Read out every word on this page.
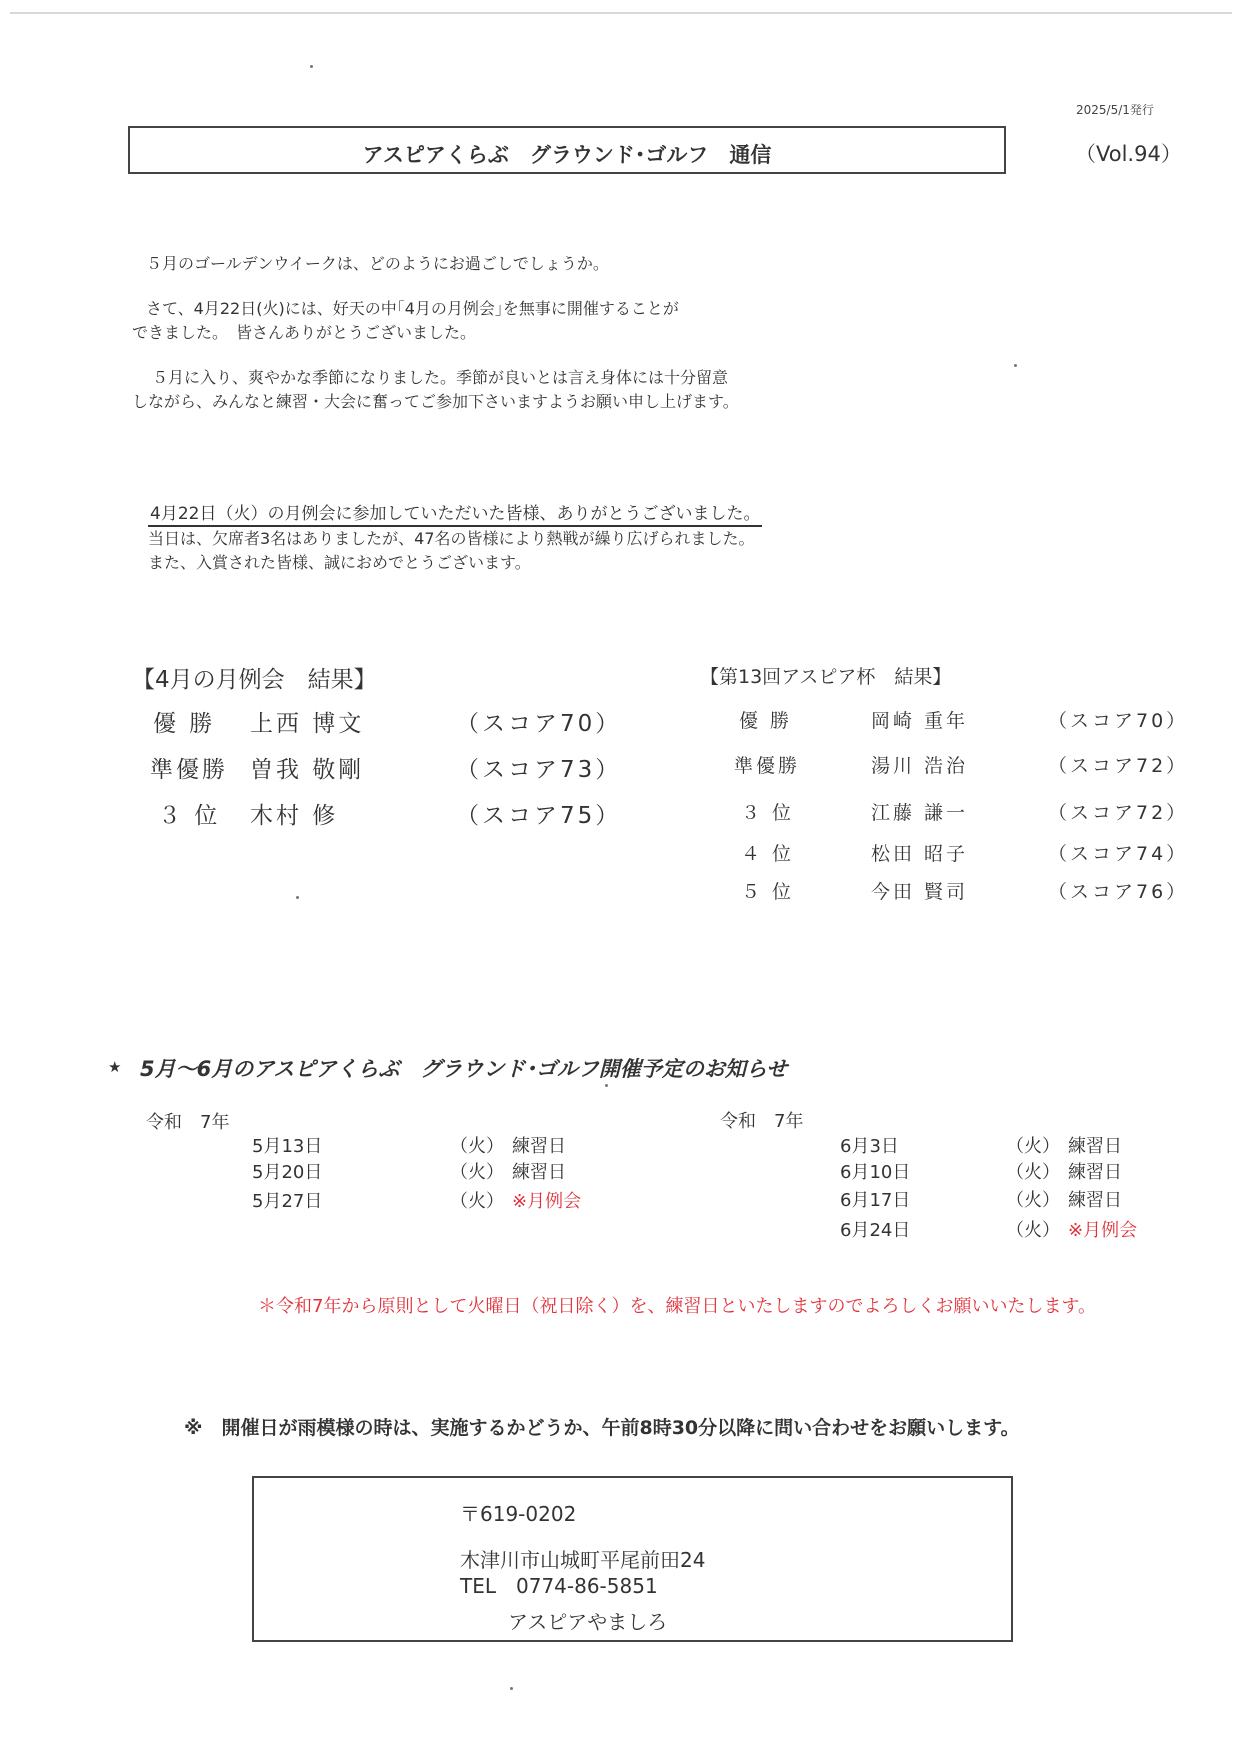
2025/5/1発行
アスピアくらぶ　グラウンド･ゴルフ　通信	（Vol.94）
５月のゴールデンウイークは、どのようにお過ごしでしょうか。
さて、4月22日(火)には、好天の中｢4月の月例会｣を無事に開催することが
できました。　皆さんありがとうございました。
５月に入り、爽やかな季節になりました。季節が良いとは言え身体には十分留意
しながら、みんなと練習・大会に奮ってご参加下さいますようお願い申し上げます。
4月22日（火）の月例会に参加していただいた皆様、ありがとうございました。
当日は、欠席者3名はありましたが、47名の皆様により熱戦が繰り広げられました。
また、入賞された皆様、誠におめでとうございます。
【4月の月例会　結果】
優 勝 上西 博文	（スコア70）
準優勝 曽我 敬剛	（スコア73）
３ 位 木村 修	（スコア75）
【第13回アスピア杯　結果】
優 勝	岡崎 重年	（スコア70）
準優勝	湯川 浩治	（スコア72）
３ 位	江藤 謙一	（スコア72）
４ 位	松田 昭子	（スコア74）
５ 位	今田 賢司	（スコア76）
★ 5月～6月のアスピアくらぶ　グラウンド･ゴルフ開催予定のお知らせ
令和　7年
5月13日	（火） 練習日
5月20日	（火） 練習日
5月27日	（火） ※月例会
令和　7年
6月3日	（火） 練習日
6月10日	（火） 練習日
6月17日	（火） 練習日
6月24日	（火） ※月例会
＊令和7年から原則として火曜日（祝日除く）を、練習日といたしますのでよろしくお願いいたします。
※　開催日が雨模様の時は、実施するかどうか、午前8時30分以降に問い合わせをお願いします。
〒619-0202
木津川市山城町平尾前田24
TEL　0774-86-5851
アスピアやましろ
